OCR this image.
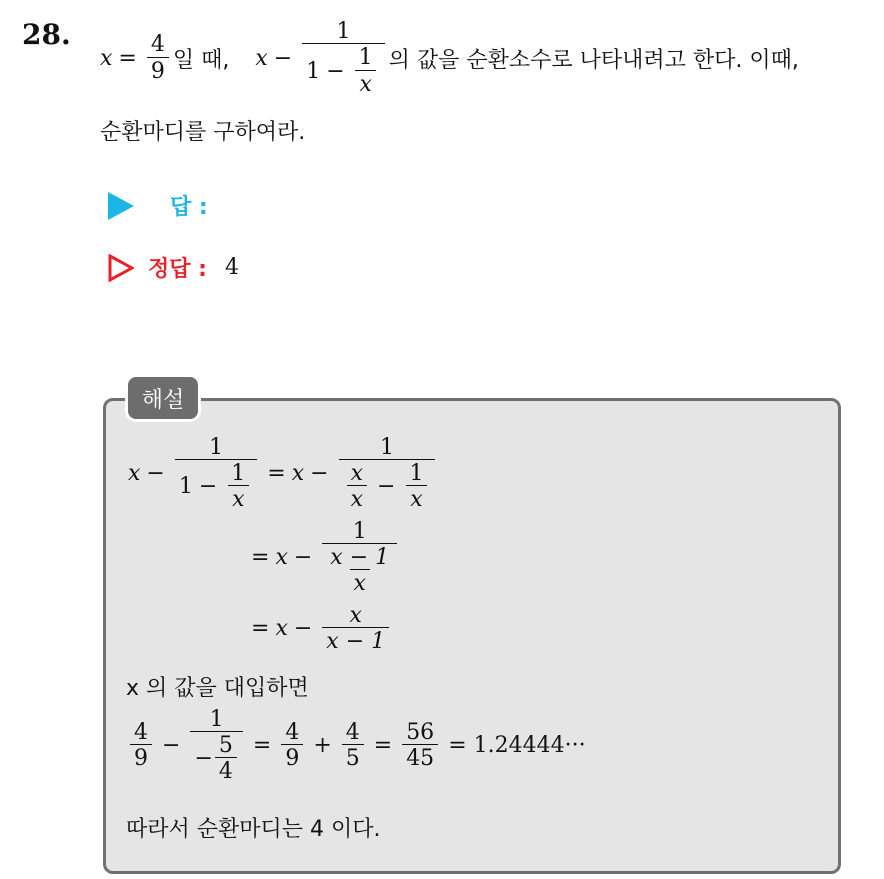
28.
$x = \frac{4}{9}$ 일 때, $x - \frac{1}{1 - \frac{1}{x}}$ 의 값을 순환소수로 나타내려고 한다. 이때,
순환마디를 구하여라.
답 :
정답 : 4
해설
$x - \frac{1}{1 - \frac{1}{x}} = x - \frac{1}{\frac{x}{x} - \frac{1}{x}}$
= $x - \frac{1}{\frac{x - 1}{x}}$
= $x - \frac{x}{x - 1}$
x 의 값을 대입하면
$\frac{4}{9} - \frac{1}{- \frac{5}{4}} = \frac{4}{9} + \frac{4}{5} = \frac{56}{45} = 1.24444\cdot\cdot\cdot$
따라서 순환마디는 4 이다.
